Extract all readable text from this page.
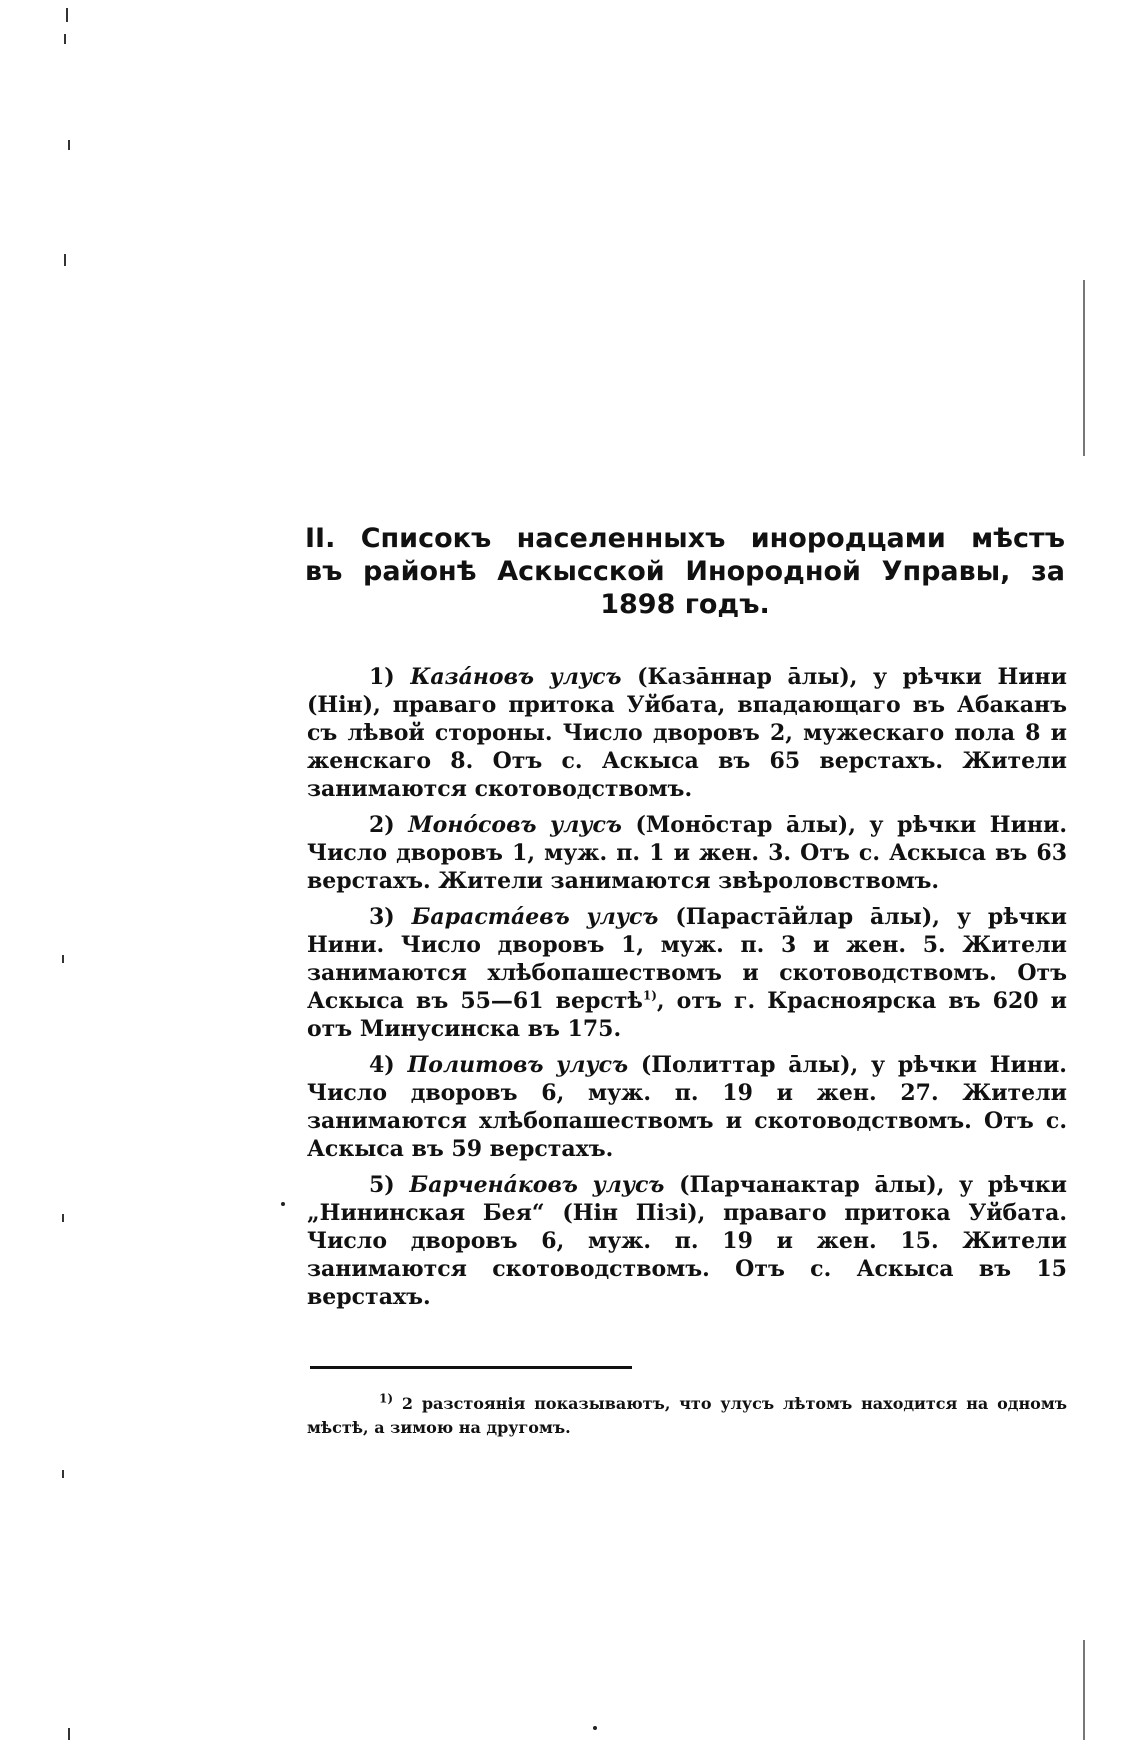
II. Списокъ населенныхъ инородцами мѣстъ
въ районѣ Аскысской Инородной Управы, за
1898 годъ.

1) Казáновъ улусъ (Казāннар āлы), у рѣчки Нини (Нiн), праваго притока Уйбата, впадающаго въ Абаканъ съ лѣвой стороны. Число дворовъ 2, мужескаго пола 8 и женскаго 8. Отъ с. Аскыса въ 65 верстахъ. Жители занимаются скотоводствомъ.

2) Монóсовъ улусъ (Монōстар āлы), у рѣчки Нини. Число дворовъ 1, муж. п. 1 и жен. 3. Отъ с. Аскыса въ 63 верстахъ. Жители занимаются звѣроловствомъ.

3) Барастáевъ улусъ (Парастāйлар āлы), у рѣчки Нини. Число дворовъ 1, муж. п. 3 и жен. 5. Жители занимаются хлѣбопашествомъ и скотоводствомъ. Отъ Аскыса въ 55—61 верстѣ$^{1)}$, отъ г. Красноярска въ 620 и отъ Минусинска въ 175.

4) Политовъ улусъ (Политтар āлы), у рѣчки Нини. Число дворовъ 6, муж. п. 19 и жен. 27. Жители занимаются хлѣбопашествомъ и скотоводствомъ. Отъ с. Аскыса въ 59 верстахъ.

5) Барченáковъ улусъ (Парчанактар āлы), у рѣчки „Нининская Бея“ (Нiн Пiзi), праваго притока Уйбата. Число дворовъ 6, муж. п. 19 и жен. 15. Жители занимаются скотоводствомъ. Отъ с. Аскыса въ 15 верстахъ.

$^{1)}$ 2 разстоянiя показываютъ, что улусъ лѣтомъ находится на одномъ мѣстѣ, а зимою на другомъ.
